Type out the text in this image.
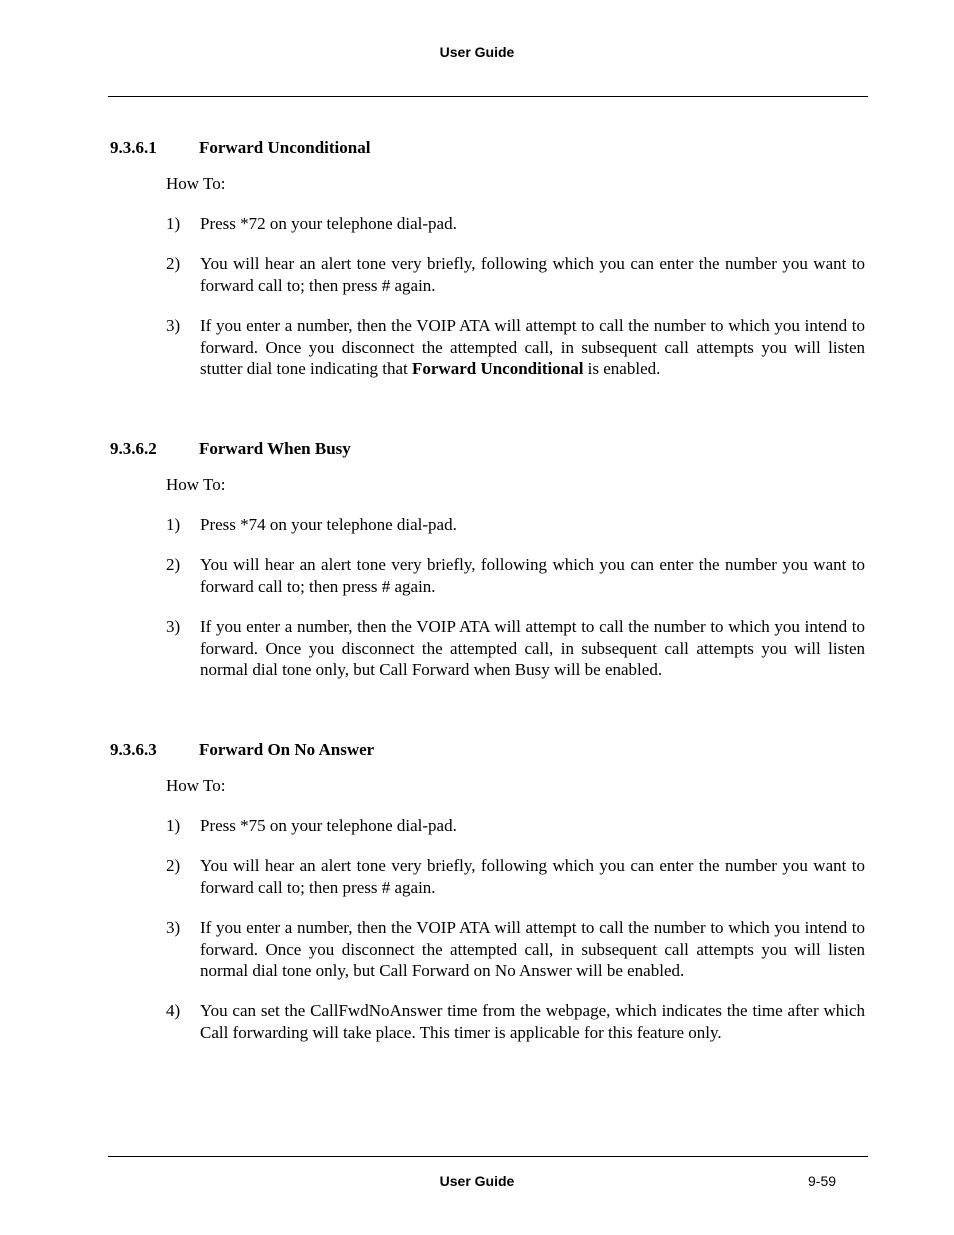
User Guide
9.3.6.1 Forward Unconditional
How To:
1) Press *72 on your telephone dial-pad.
2) You will hear an alert tone very briefly, following which you can enter the number you want to forward call to; then press # again.
3) If you enter a number, then the VOIP ATA will attempt to call the number to which you intend to forward. Once you disconnect the attempted call, in subsequent call attempts you will listen stutter dial tone indicating that Forward Unconditional is enabled.
9.3.6.2 Forward When Busy
How To:
1) Press *74 on your telephone dial-pad.
2) You will hear an alert tone very briefly, following which you can enter the number you want to forward call to; then press # again.
3) If you enter a number, then the VOIP ATA will attempt to call the number to which you intend to forward. Once you disconnect the attempted call, in subsequent call attempts you will listen normal dial tone only, but Call Forward when Busy will be enabled.
9.3.6.3 Forward On No Answer
How To:
1) Press *75 on your telephone dial-pad.
2) You will hear an alert tone very briefly, following which you can enter the number you want to forward call to; then press # again.
3) If you enter a number, then the VOIP ATA will attempt to call the number to which you intend to forward. Once you disconnect the attempted call, in subsequent call attempts you will listen normal dial tone only, but Call Forward on No Answer will be enabled.
4) You can set the CallFwdNoAnswer time from the webpage, which indicates the time after which Call forwarding will take place. This timer is applicable for this feature only.
User Guide	9-59
